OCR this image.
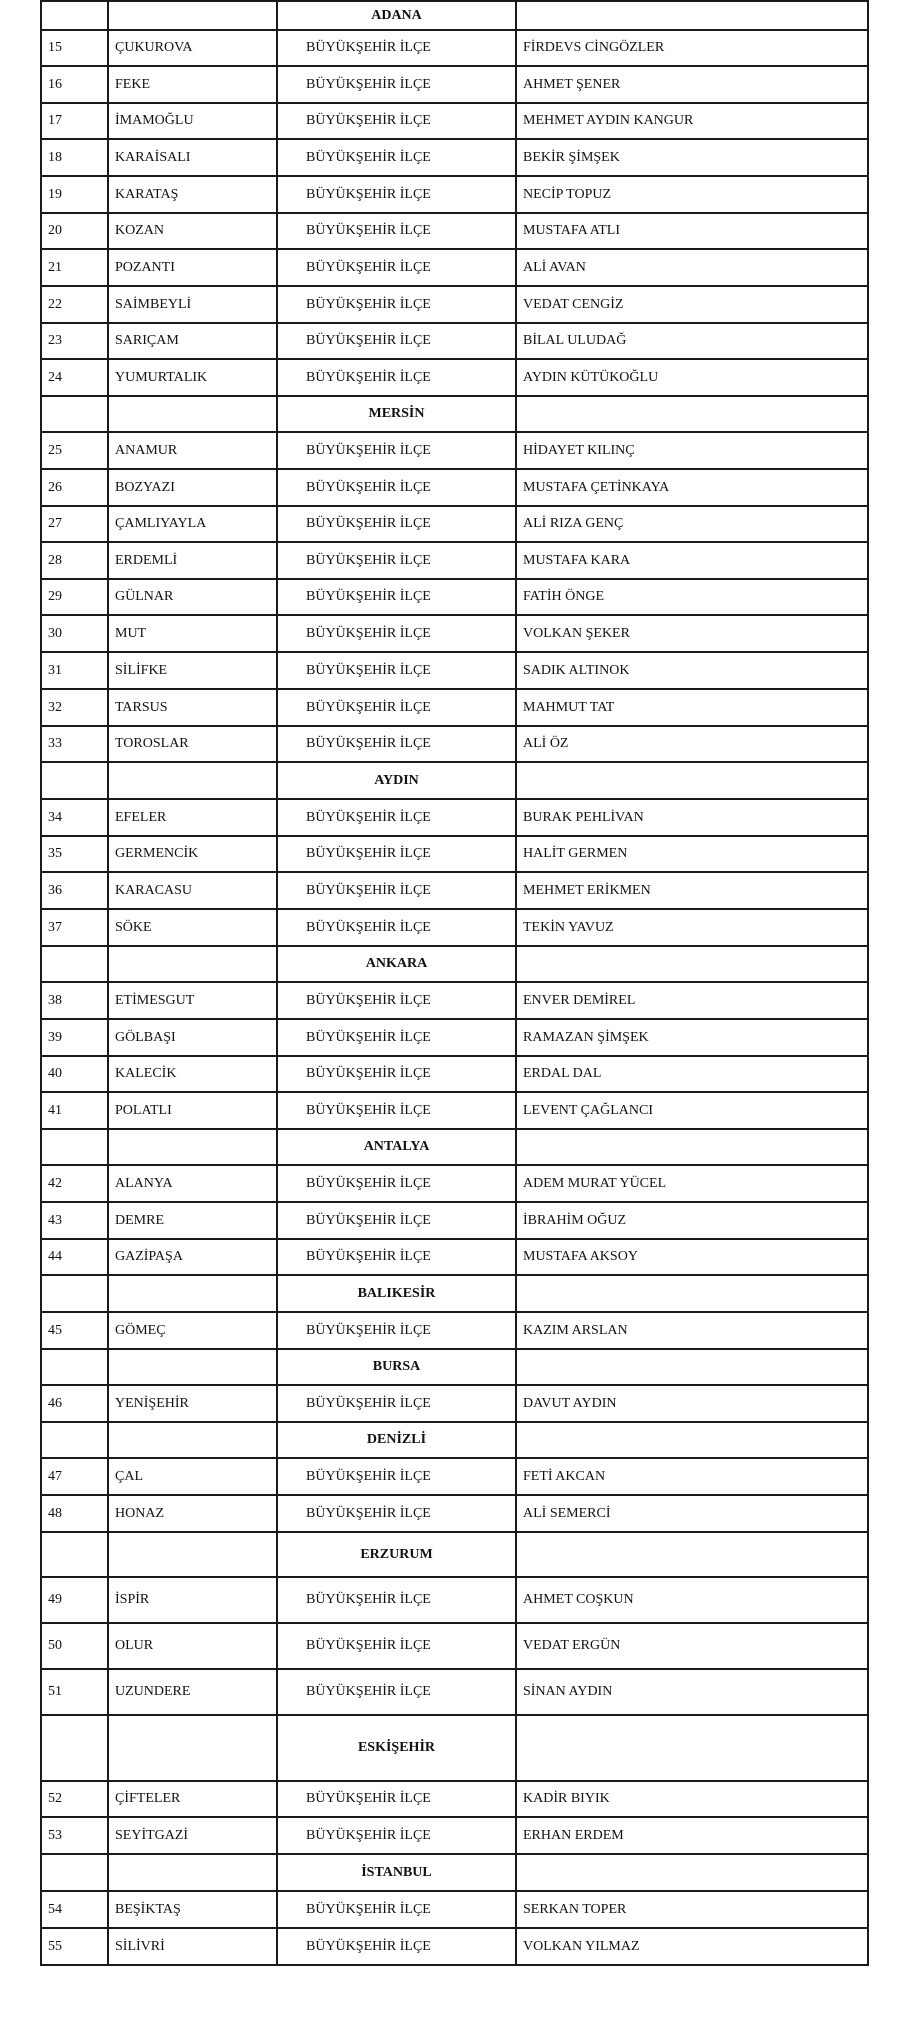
		ADANA	
15	ÇUKUROVA	BÜYÜKŞEHİR İLÇE	FİRDEVS CİNGÖZLER
16	FEKE	BÜYÜKŞEHİR İLÇE	AHMET ŞENER
17	İMAMOĞLU	BÜYÜKŞEHİR İLÇE	MEHMET AYDIN KANGUR
18	KARAİSALI	BÜYÜKŞEHİR İLÇE	BEKİR ŞİMŞEK
19	KARATAŞ	BÜYÜKŞEHİR İLÇE	NECİP TOPUZ
20	KOZAN	BÜYÜKŞEHİR İLÇE	MUSTAFA ATLI
21	POZANTI	BÜYÜKŞEHİR İLÇE	ALİ AVAN
22	SAİMBEYLİ	BÜYÜKŞEHİR İLÇE	VEDAT CENGİZ
23	SARIÇAM	BÜYÜKŞEHİR İLÇE	BİLAL ULUDAĞ
24	YUMURTALIK	BÜYÜKŞEHİR İLÇE	AYDIN KÜTÜKOĞLU
		MERSİN	
25	ANAMUR	BÜYÜKŞEHİR İLÇE	HİDAYET KILINÇ
26	BOZYAZI	BÜYÜKŞEHİR İLÇE	MUSTAFA ÇETİNKAYA
27	ÇAMLIYAYLA	BÜYÜKŞEHİR İLÇE	ALİ RIZA GENÇ
28	ERDEMLİ	BÜYÜKŞEHİR İLÇE	MUSTAFA KARA
29	GÜLNAR	BÜYÜKŞEHİR İLÇE	FATİH ÖNGE
30	MUT	BÜYÜKŞEHİR İLÇE	VOLKAN ŞEKER
31	SİLİFKE	BÜYÜKŞEHİR İLÇE	SADIK ALTINOK
32	TARSUS	BÜYÜKŞEHİR İLÇE	MAHMUT TAT
33	TOROSLAR	BÜYÜKŞEHİR İLÇE	ALİ ÖZ
		AYDIN	
34	EFELER	BÜYÜKŞEHİR İLÇE	BURAK PEHLİVAN
35	GERMENCİK	BÜYÜKŞEHİR İLÇE	HALİT GERMEN
36	KARACASU	BÜYÜKŞEHİR İLÇE	MEHMET ERİKMEN
37	SÖKE	BÜYÜKŞEHİR İLÇE	TEKİN YAVUZ
		ANKARA	
38	ETİMESGUT	BÜYÜKŞEHİR İLÇE	ENVER DEMİREL
39	GÖLBAŞI	BÜYÜKŞEHİR İLÇE	RAMAZAN ŞİMŞEK
40	KALECİK	BÜYÜKŞEHİR İLÇE	ERDAL DAL
41	POLATLI	BÜYÜKŞEHİR İLÇE	LEVENT ÇAĞLANCI
		ANTALYA	
42	ALANYA	BÜYÜKŞEHİR İLÇE	ADEM MURAT YÜCEL
43	DEMRE	BÜYÜKŞEHİR İLÇE	İBRAHİM OĞUZ
44	GAZİPAŞA	BÜYÜKŞEHİR İLÇE	MUSTAFA AKSOY
		BALIKESİR	
45	GÖMEÇ	BÜYÜKŞEHİR İLÇE	KAZIM ARSLAN
		BURSA	
46	YENİŞEHİR	BÜYÜKŞEHİR İLÇE	DAVUT AYDIN
		DENİZLİ	
47	ÇAL	BÜYÜKŞEHİR İLÇE	FETİ AKCAN
48	HONAZ	BÜYÜKŞEHİR İLÇE	ALİ SEMERCİ
		ERZURUM	
49	İSPİR	BÜYÜKŞEHİR İLÇE	AHMET COŞKUN
50	OLUR	BÜYÜKŞEHİR İLÇE	VEDAT ERGÜN
51	UZUNDERE	BÜYÜKŞEHİR İLÇE	SİNAN AYDIN
		ESKİŞEHİR	
52	ÇİFTELER	BÜYÜKŞEHİR İLÇE	KADİR BIYIK
53	SEYİTGAZİ	BÜYÜKŞEHİR İLÇE	ERHAN ERDEM
		İSTANBUL	
54	BEŞİKTAŞ	BÜYÜKŞEHİR İLÇE	SERKAN TOPER
55	SİLİVRİ	BÜYÜKŞEHİR İLÇE	VOLKAN YILMAZ
